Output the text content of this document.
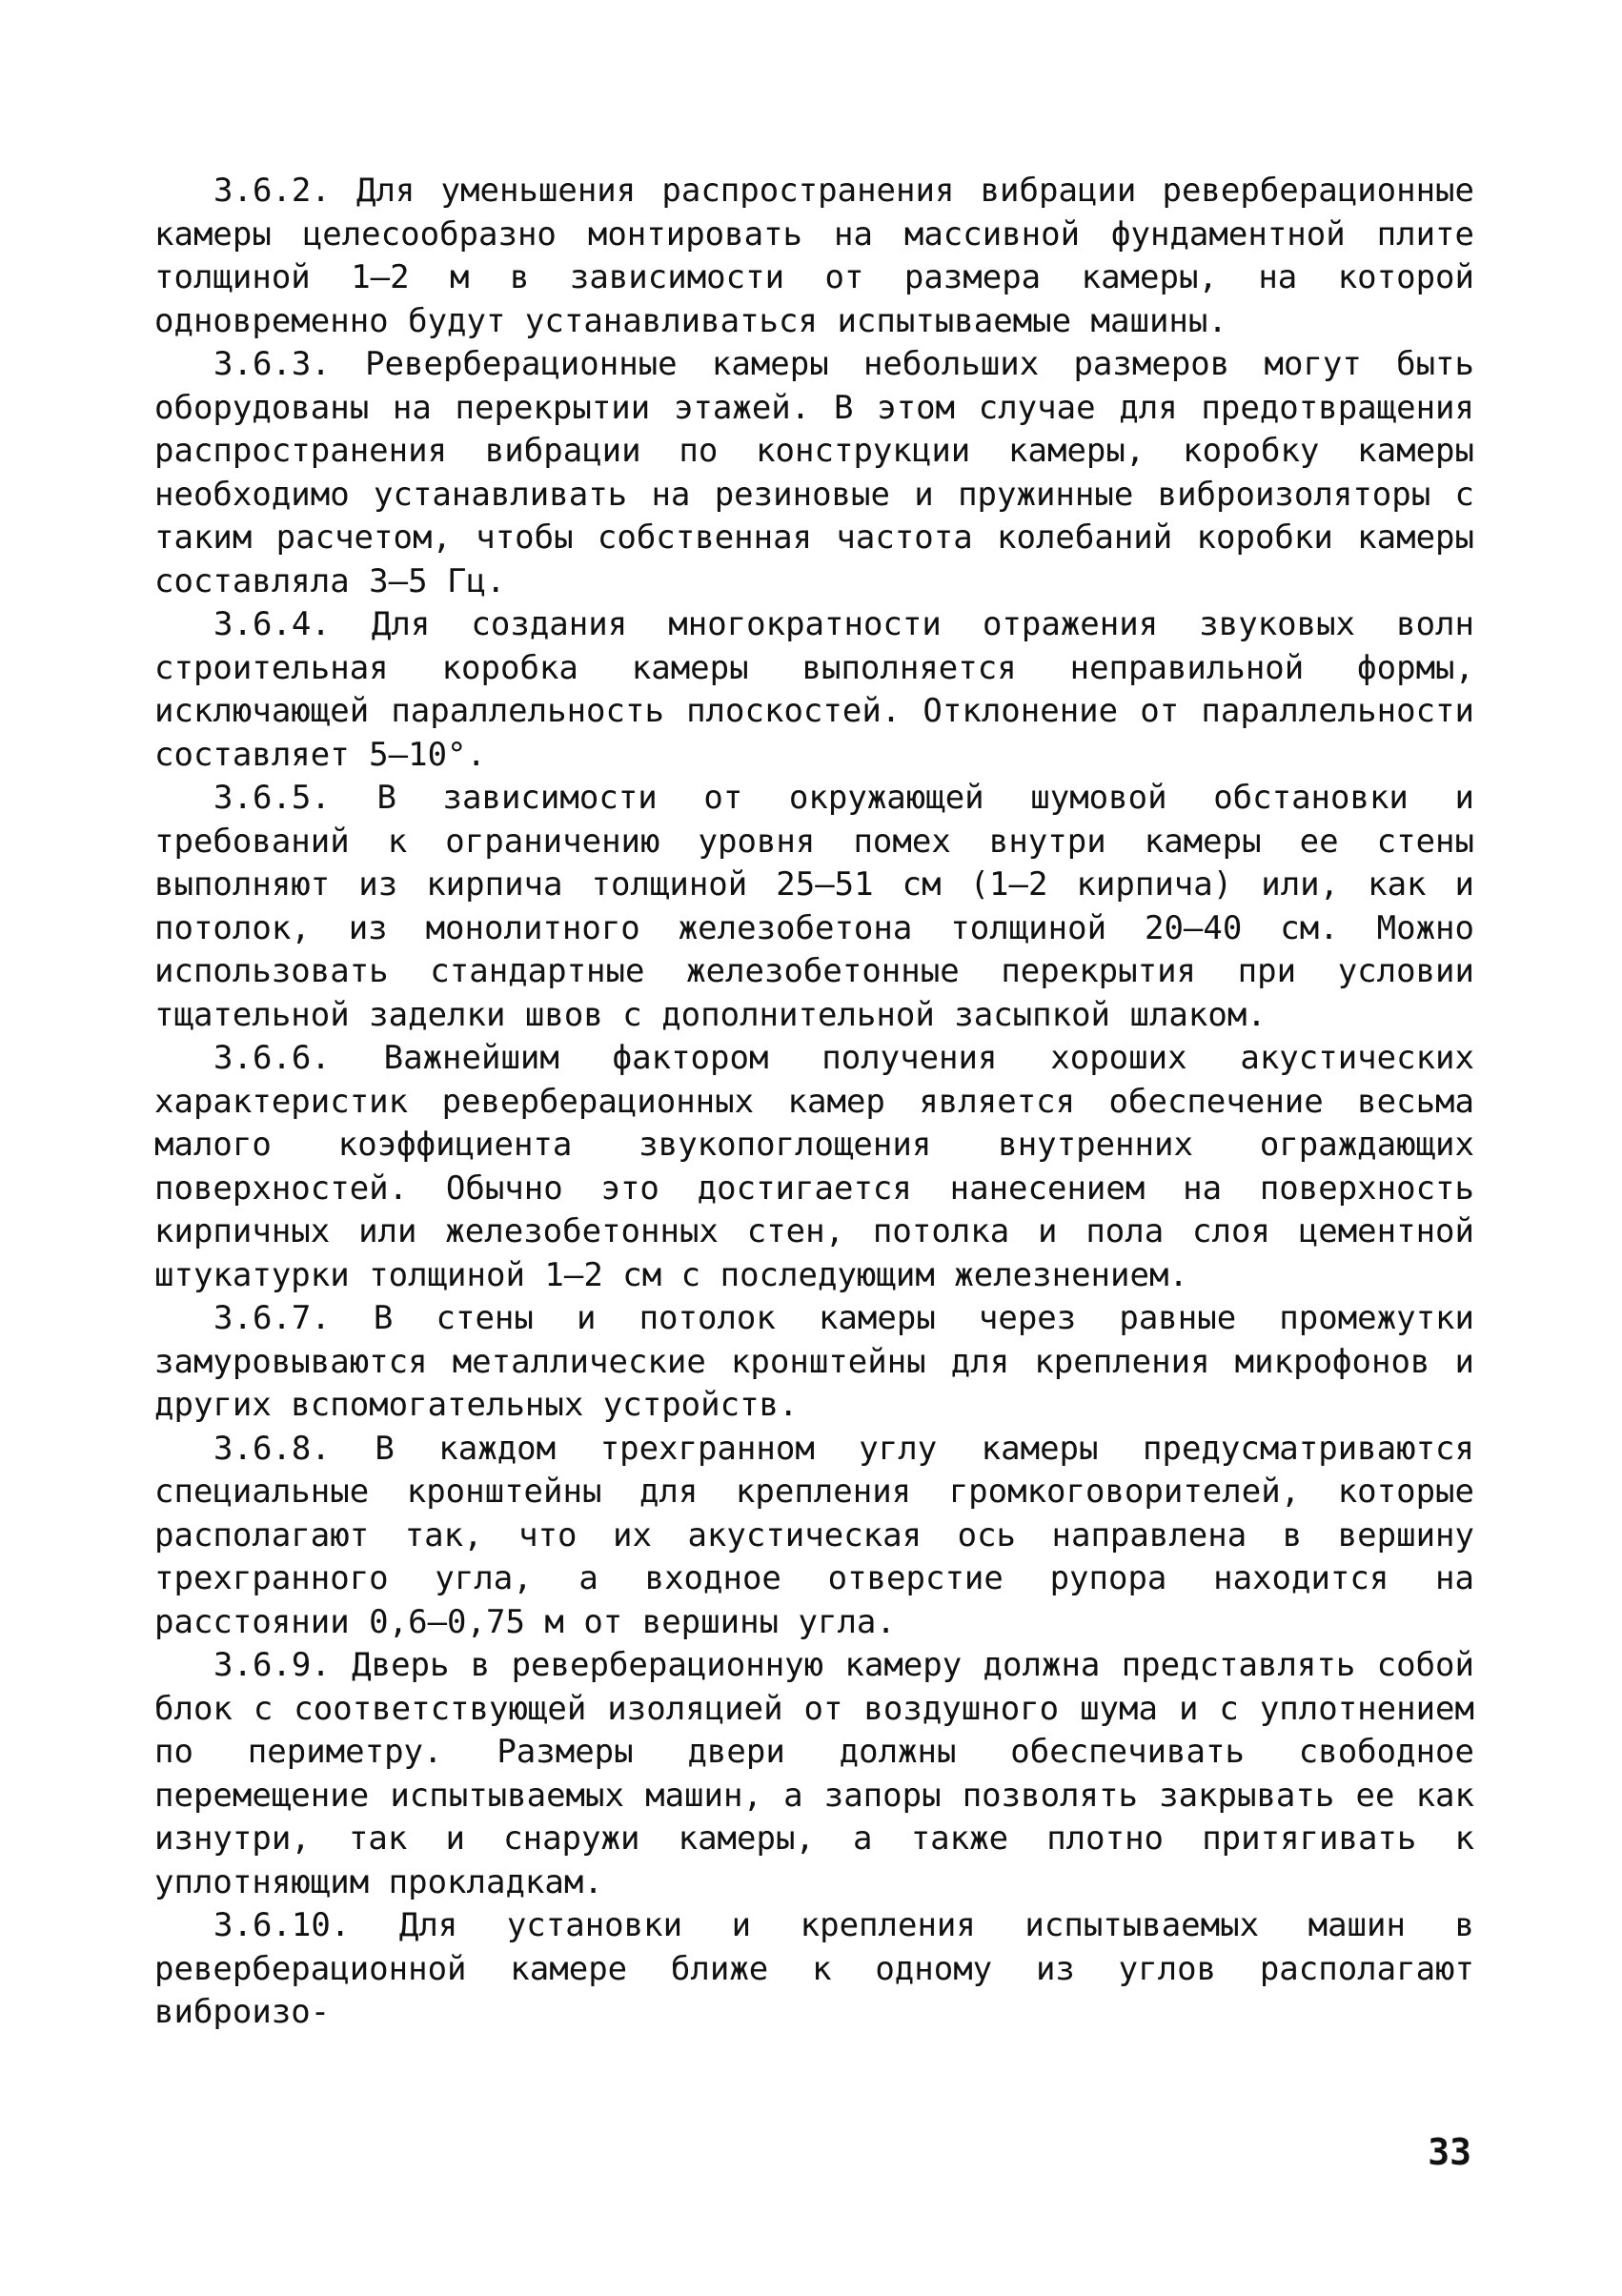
3.6.2. Для уменьшения распространения вибрации реверберационные камеры целесообразно монтировать на массивной фундаментной плите толщиной 1–2 м в зависимости от размера камеры, на которой одновременно будут устанавливаться испытываемые машины.

3.6.3. Реверберационные камеры небольших размеров могут быть оборудованы на перекрытии этажей. В этом случае для предотвращения распространения вибрации по конструкции камеры, коробку камеры необходимо устанавливать на резиновые и пружинные виброизоляторы с таким расчетом, чтобы собственная частота колебаний коробки камеры составляла 3–5 Гц.

3.6.4. Для создания многократности отражения звуковых волн строительная коробка камеры выполняется неправильной формы, исключающей параллельность плоскостей. Отклонение от параллельности составляет 5–10°.

3.6.5. В зависимости от окружающей шумовой обстановки и требований к ограничению уровня помех внутри камеры ее стены выполняют из кирпича толщиной 25–51 см (1–2 кирпича) или, как и потолок, из монолитного железобетона толщиной 20–40 см. Можно использовать стандартные железобетонные перекрытия при условии тщательной заделки швов с дополнительной засыпкой шлаком.

3.6.6. Важнейшим фактором получения хороших акустических характеристик реверберационных камер является обеспечение весьма малого коэффициента звукопоглощения внутренних ограждающих поверхностей. Обычно это достигается нанесением на поверхность кирпичных или железобетонных стен, потолка и пола слоя цементной штукатурки толщиной 1–2 см с последующим железнением.

3.6.7. В стены и потолок камеры через равные промежутки замуровываются металлические кронштейны для крепления микрофонов и других вспомогательных устройств.

3.6.8. В каждом трехгранном углу камеры предусматриваются специальные кронштейны для крепления громкоговорителей, которые располагают так, что их акустическая ось направлена в вершину трехгранного угла, а входное отверстие рупора находится на расстоянии 0,6–0,75 м от вершины угла.

3.6.9. Дверь в реверберационную камеру должна представлять собой блок с соответствующей изоляцией от воздушного шума и с уплотнением по периметру. Размеры двери должны обеспечивать свободное перемещение испытываемых машин, а запоры позволять закрывать ее как изнутри, так и снаружи камеры, а также плотно притягивать к уплотняющим прокладкам.

3.6.10. Для установки и крепления испытываемых машин в реверберационной камере ближе к одному из углов располагают виброизо-

33
